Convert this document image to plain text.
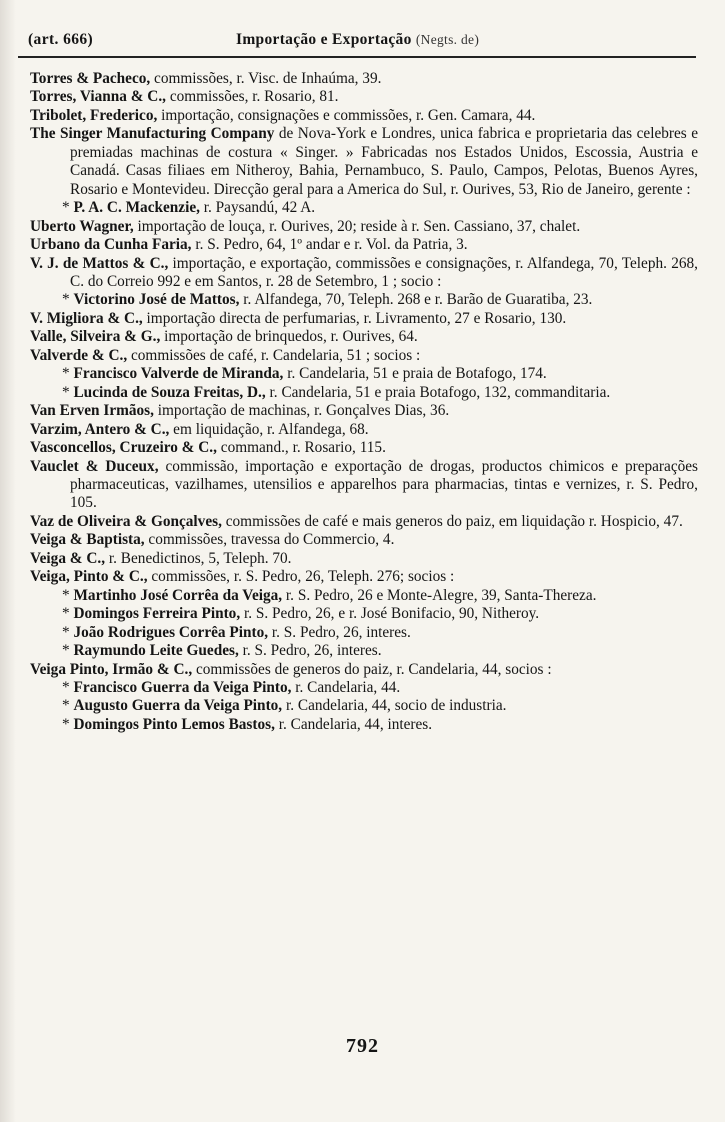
(art. 666)	Importação e Exportação (Negts. de)

Torres & Pacheco, commissões, r. Visc. de Inhaúma, 39.

Torres, Vianna & C., commissões, r. Rosario, 81.

Tribolet, Frederico, importação, consignações e commissões, r. Gen. Camara, 44.

The Singer Manufacturing Company de Nova-York e Londres, unica fabrica e proprietaria das celebres e premiadas machinas de costura « Singer. » Fabricadas nos Estados Unidos, Escossia, Austria e Canadá. Casas filiaes em Nitheroy, Bahia, Pernambuco, S. Paulo, Campos, Pelotas, Buenos Ayres, Rosario e Montevideu. Direcção geral para a America do Sul, r. Ourives, 53, Rio de Janeiro, gerente :

* P. A. C. Mackenzie, r. Paysandú, 42 A.

Uberto Wagner, importação de louça, r. Ourives, 20; reside à r. Sen. Cassiano, 37, chalet.

Urbano da Cunha Faria, r. S. Pedro, 64, 1º andar e r. Vol. da Patria, 3.

V. J. de Mattos & C., importação, e exportação, commissões e consignações, r. Alfandega, 70, Teleph. 268, C. do Correio 992 e em Santos, r. 28 de Setembro, 1 ; socio :

* Victorino José de Mattos, r. Alfandega, 70, Teleph. 268 e r. Barão de Guaratiba, 23.

V. Migliora & C., importação directa de perfumarias, r. Livramento, 27 e Rosario, 130.

Valle, Silveira & G., importação de brinquedos, r. Ourives, 64.

Valverde & C., commissões de café, r. Candelaria, 51 ; socios :

* Francisco Valverde de Miranda, r. Candelaria, 51 e praia de Botafogo, 174.

* Lucinda de Souza Freitas, D., r. Candelaria, 51 e praia Botafogo, 132, commanditaria.

Van Erven Irmãos, importação de machinas, r. Gonçalves Dias, 36.

Varzim, Antero & C., em liquidação, r. Alfandega, 68.

Vasconcellos, Cruzeiro & C., command., r. Rosario, 115.

Vauclet & Duceux, commissão, importação e exportação de drogas, productos chimicos e preparações pharmaceuticas, vazilhames, utensilios e apparelhos para pharmacias, tintas e vernizes, r. S. Pedro, 105.

Vaz de Oliveira & Gonçalves, commissões de café e mais generos do paiz, em liquidação r. Hospicio, 47.

Veiga & Baptista, commissões, travessa do Commercio, 4.

Veiga & C., r. Benedictinos, 5, Teleph. 70.

Veiga, Pinto & C., commissões, r. S. Pedro, 26, Teleph. 276; socios :

* Martinho José Corrêa da Veiga, r. S. Pedro, 26 e Monte-Alegre, 39, Santa-Thereza.

* Domingos Ferreira Pinto, r. S. Pedro, 26, e r. José Bonifacio, 90, Nitheroy.

* João Rodrigues Corrêa Pinto, r. S. Pedro, 26, interes.

* Raymundo Leite Guedes, r. S. Pedro, 26, interes.

Veiga Pinto, Irmão & C., commissões de generos do paiz, r. Candelaria, 44, socios :

* Francisco Guerra da Veiga Pinto, r. Candelaria, 44.

* Augusto Guerra da Veiga Pinto, r. Candelaria, 44, socio de industria.

* Domingos Pinto Lemos Bastos, r. Candelaria, 44, interes.

792
